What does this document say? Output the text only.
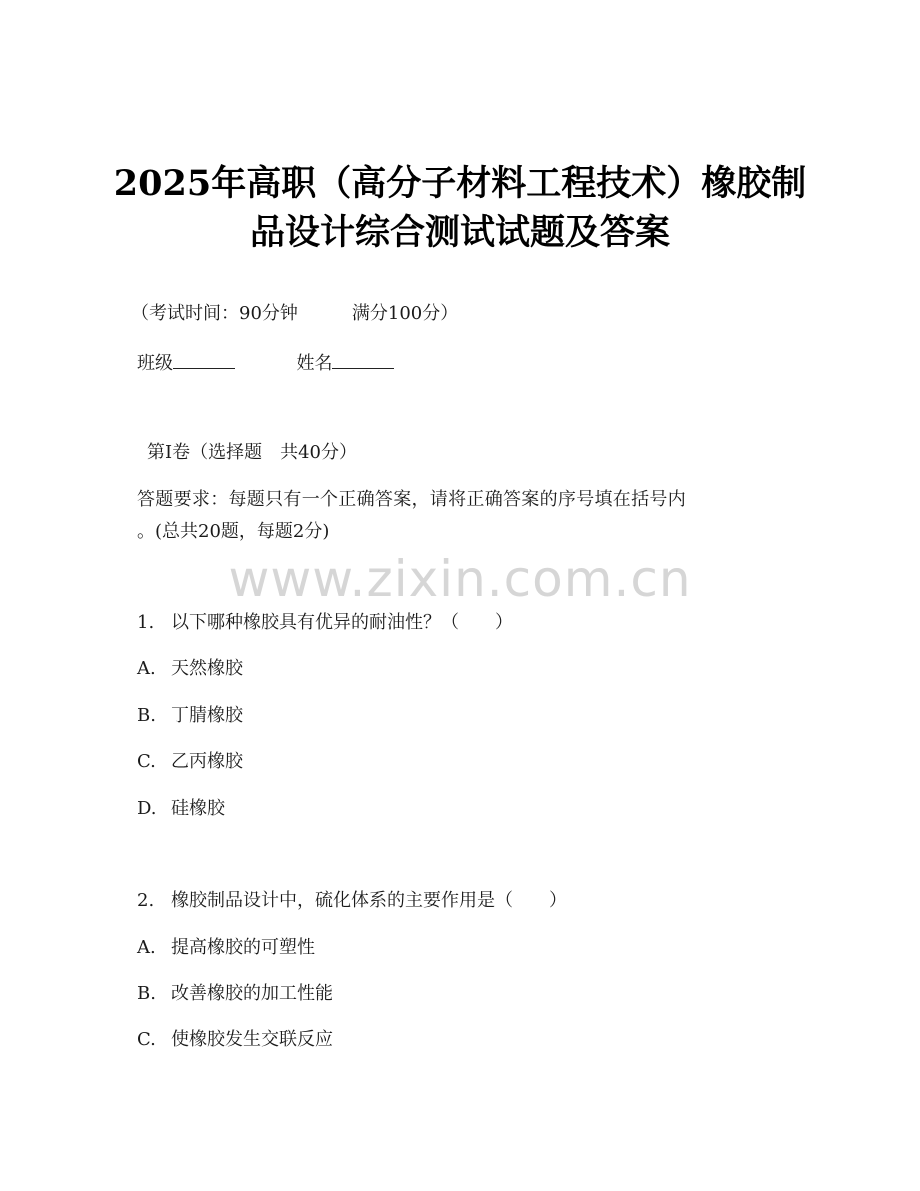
2025年高职（高分子材料工程技术）橡胶制
品设计综合测试试题及答案
（考试时间：90分钟　　　满分100分）
班级	姓名
第Ⅰ卷（选择题　共40分）
答题要求：每题只有一个正确答案，请将正确答案的序号填在括号内
。(总共20题，每题2分)
www.zixin.com.cn
1. 以下哪种橡胶具有优异的耐油性？（　　）
A. 天然橡胶
B. 丁腈橡胶
C. 乙丙橡胶
D. 硅橡胶
2. 橡胶制品设计中，硫化体系的主要作用是（　　）
A. 提高橡胶的可塑性
B. 改善橡胶的加工性能
C. 使橡胶发生交联反应
